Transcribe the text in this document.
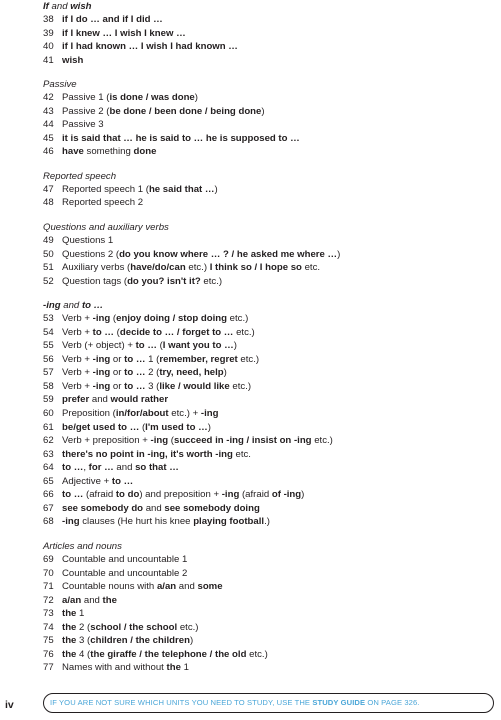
If and wish
38 if I do … and if I did …
39 if I knew … I wish I knew …
40 if I had known … I wish I had known …
41 wish
Passive
42 Passive 1 (is done / was done)
43 Passive 2 (be done / been done / being done)
44 Passive 3
45 it is said that … he is said to … he is supposed to …
46 have something done
Reported speech
47 Reported speech 1 (he said that …)
48 Reported speech 2
Questions and auxiliary verbs
49 Questions 1
50 Questions 2 (do you know where … ? / he asked me where …)
51 Auxiliary verbs (have/do/can etc.) I think so / I hope so etc.
52 Question tags (do you? isn't it? etc.)
-ing and to …
53 Verb + -ing (enjoy doing / stop doing etc.)
54 Verb + to … (decide to … / forget to … etc.)
55 Verb (+ object) + to … (I want you to …)
56 Verb + -ing or to … 1 (remember, regret etc.)
57 Verb + -ing or to … 2 (try, need, help)
58 Verb + -ing or to … 3 (like / would like etc.)
59 prefer and would rather
60 Preposition (in/for/about etc.) + -ing
61 be/get used to … (I'm used to …)
62 Verb + preposition + -ing (succeed in -ing / insist on -ing etc.)
63 there's no point in -ing, it's worth -ing etc.
64 to …, for … and so that …
65 Adjective + to …
66 to … (afraid to do) and preposition + -ing (afraid of -ing)
67 see somebody do and see somebody doing
68 -ing clauses (He hurt his knee playing football.)
Articles and nouns
69 Countable and uncountable 1
70 Countable and uncountable 2
71 Countable nouns with a/an and some
72 a/an and the
73 the 1
74 the 2 (school / the school etc.)
75 the 3 (children / the children)
76 the 4 (the giraffe / the telephone / the old etc.)
77 Names with and without the 1
iv	IF YOU ARE NOT SURE WHICH UNITS YOU NEED TO STUDY, USE THE STUDY GUIDE ON PAGE 326.
